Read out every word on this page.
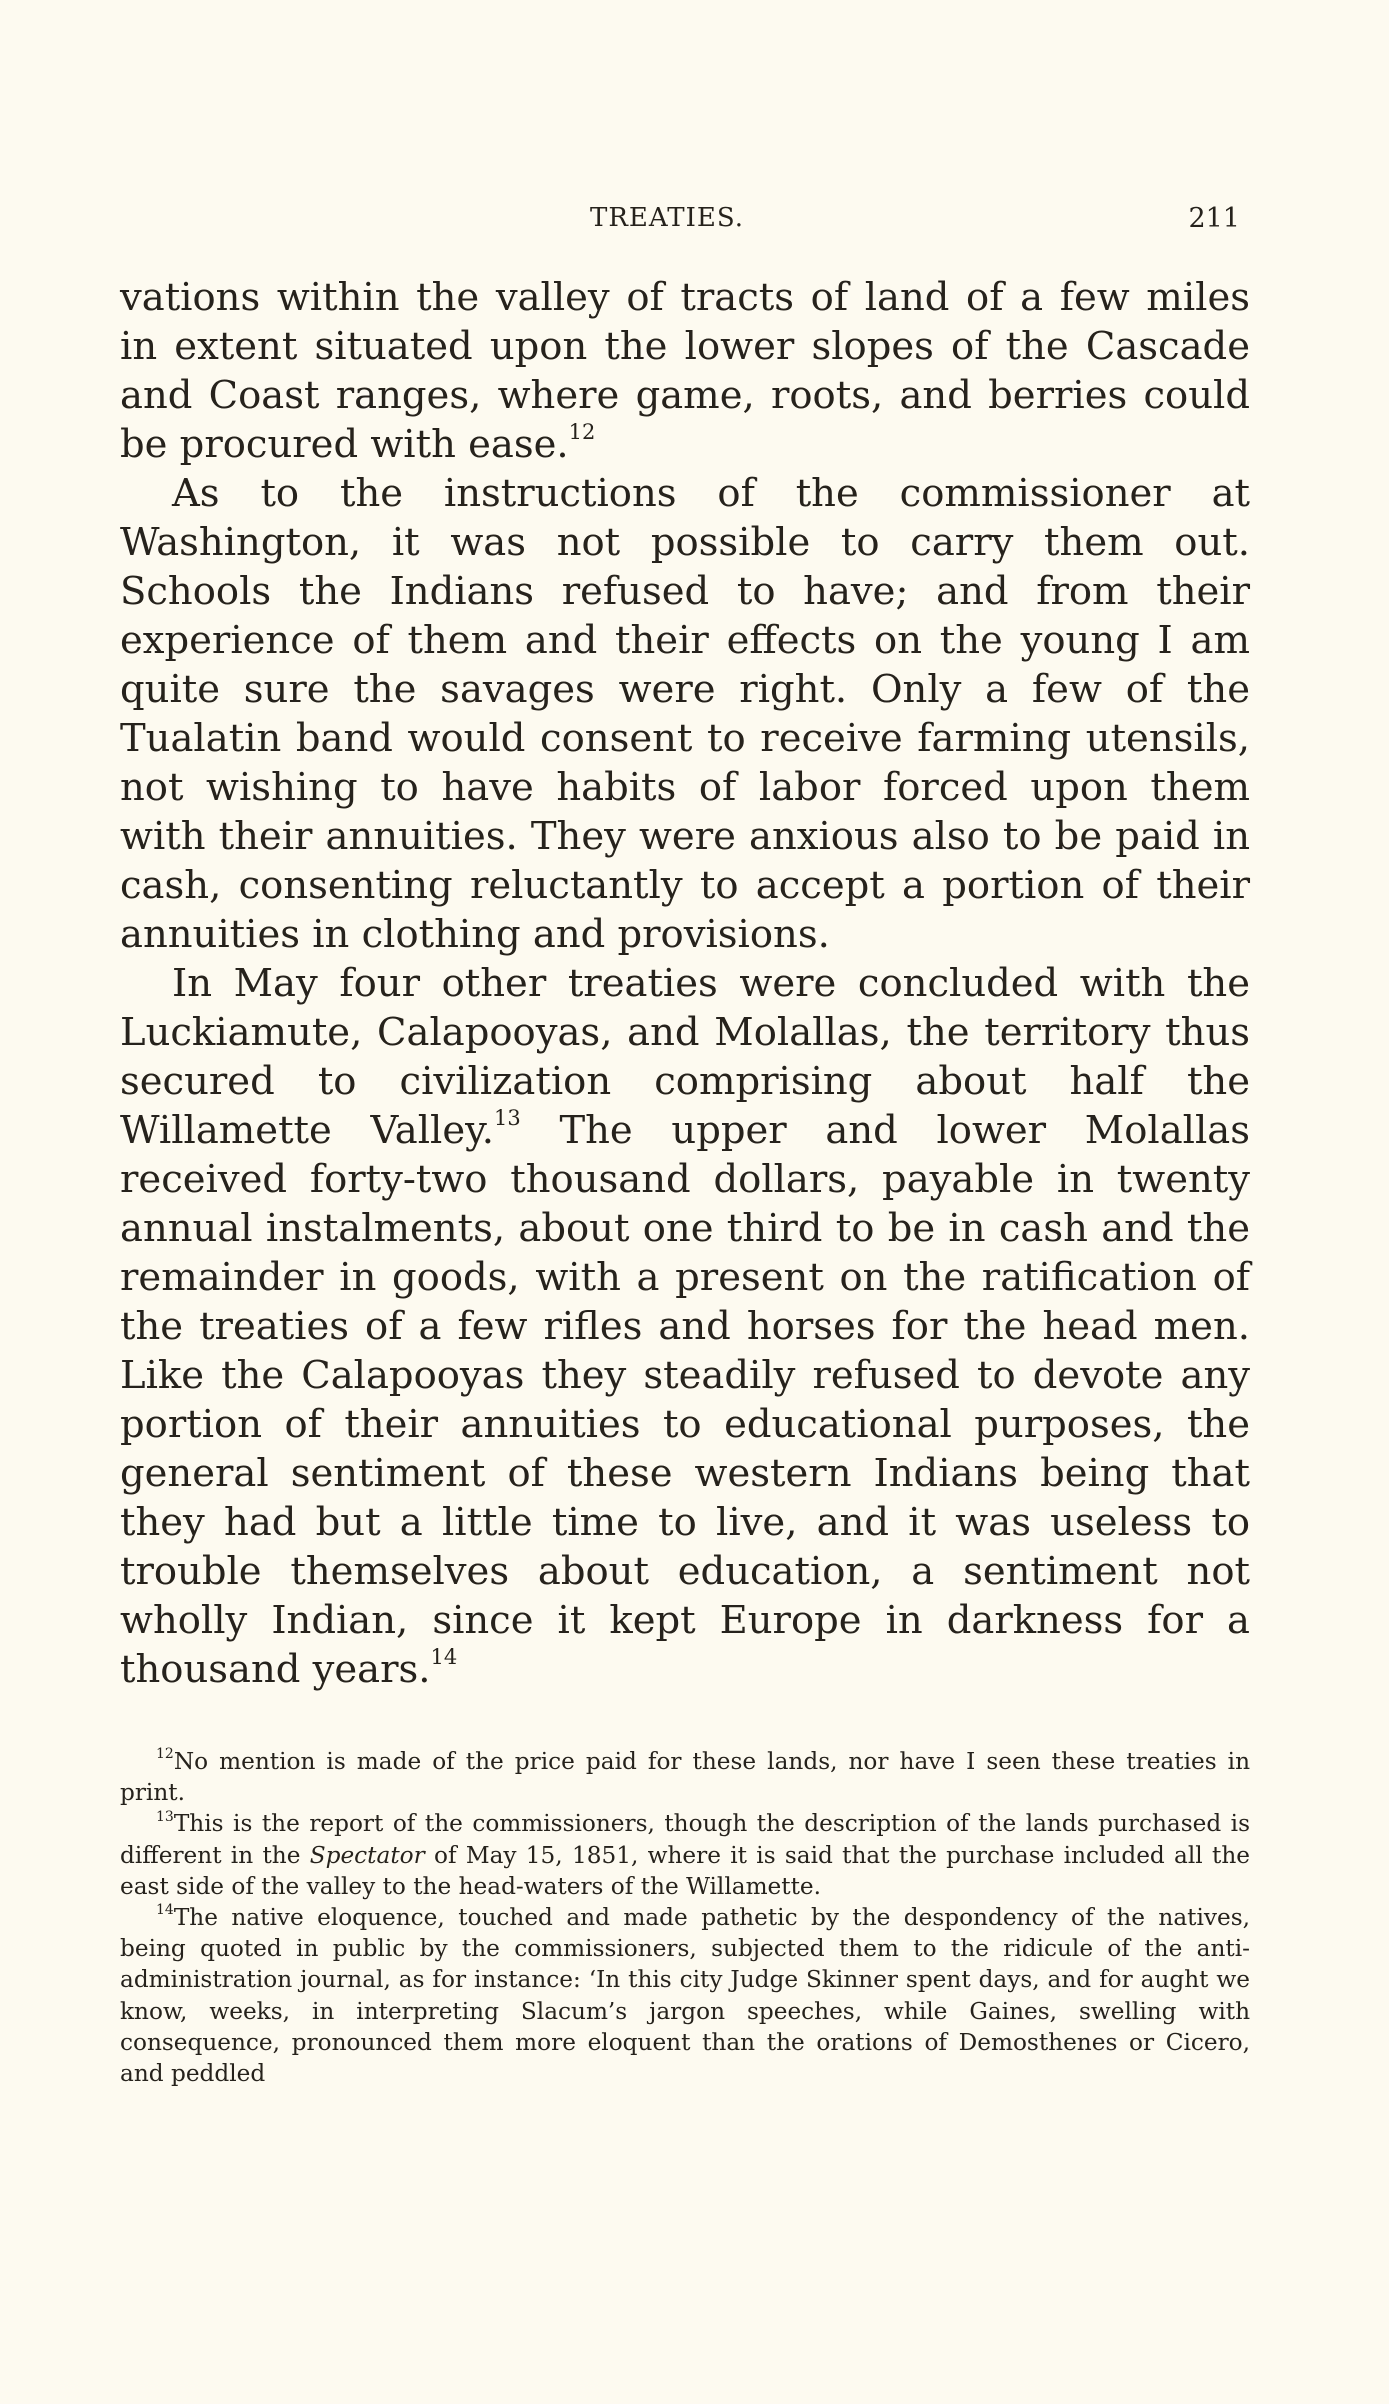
TREATIES.	211

vations within the valley of tracts of land of a few miles in extent situated upon the lower slopes of the Cascade and Coast ranges, where game, roots, and berries could be procured with ease.$^{12}$

As to the instructions of the commissioner at Washington, it was not possible to carry them out. Schools the Indians refused to have; and from their experience of them and their effects on the young I am quite sure the savages were right. Only a few of the Tualatin band would consent to receive farming utensils, not wishing to have habits of labor forced upon them with their annuities. They were anxious also to be paid in cash, consenting reluctantly to accept a portion of their annuities in clothing and provisions.

In May four other treaties were concluded with the Luckiamute, Calapooyas, and Molallas, the territory thus secured to civilization comprising about half the Willamette Valley.$^{13}$ The upper and lower Molallas received forty-two thousand dollars, payable in twenty annual instalments, about one third to be in cash and the remainder in goods, with a present on the ratification of the treaties of a few rifles and horses for the head men. Like the Calapooyas they steadily refused to devote any portion of their annuities to educational purposes, the general sentiment of these western Indians being that they had but a little time to live, and it was useless to trouble themselves about education, a sentiment not wholly Indian, since it kept Europe in darkness for a thousand years.$^{14}$

$^{12}$No mention is made of the price paid for these lands, nor have I seen these treaties in print.

$^{13}$This is the report of the commissioners, though the description of the lands purchased is different in the Spectator of May 15, 1851, where it is said that the purchase included all the east side of the valley to the head-waters of the Willamette.

$^{14}$The native eloquence, touched and made pathetic by the despondency of the natives, being quoted in public by the commissioners, subjected them to the ridicule of the anti-administration journal, as for instance: ‘In this city Judge Skinner spent days, and for aught we know, weeks, in interpreting Slacum’s jargon speeches, while Gaines, swelling with consequence, pronounced them more eloquent than the orations of Demosthenes or Cicero, and peddled
